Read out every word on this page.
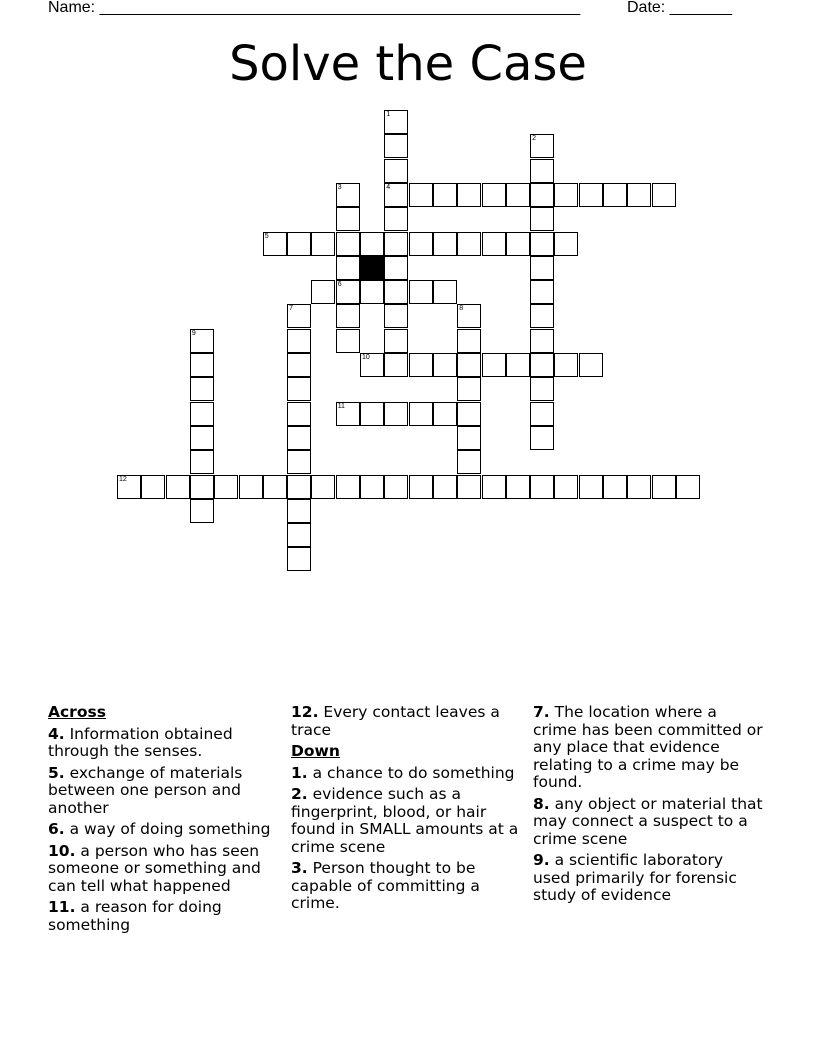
Name: ______________________________________________________	Date: _______
Solve the Case
1
4
2
3
6
5
7	8
9
10
11
12
Across
4. Information obtained through the senses.
5. exchange of materials between one person and another
6. a way of doing something
10. a person who has seen someone or something and can tell what happened
11. a reason for doing something
12. Every contact leaves a trace
Down
1. a chance to do something
2. evidence such as a fingerprint, blood, or hair found in SMALL amounts at a crime scene
3. Person thought to be capable of committing a crime.
7. The location where a crime has been committed or any place that evidence relating to a crime may be found.
8. any object or material that may connect a suspect to a crime scene
9. a scientific laboratory used primarily for forensic study of evidence
